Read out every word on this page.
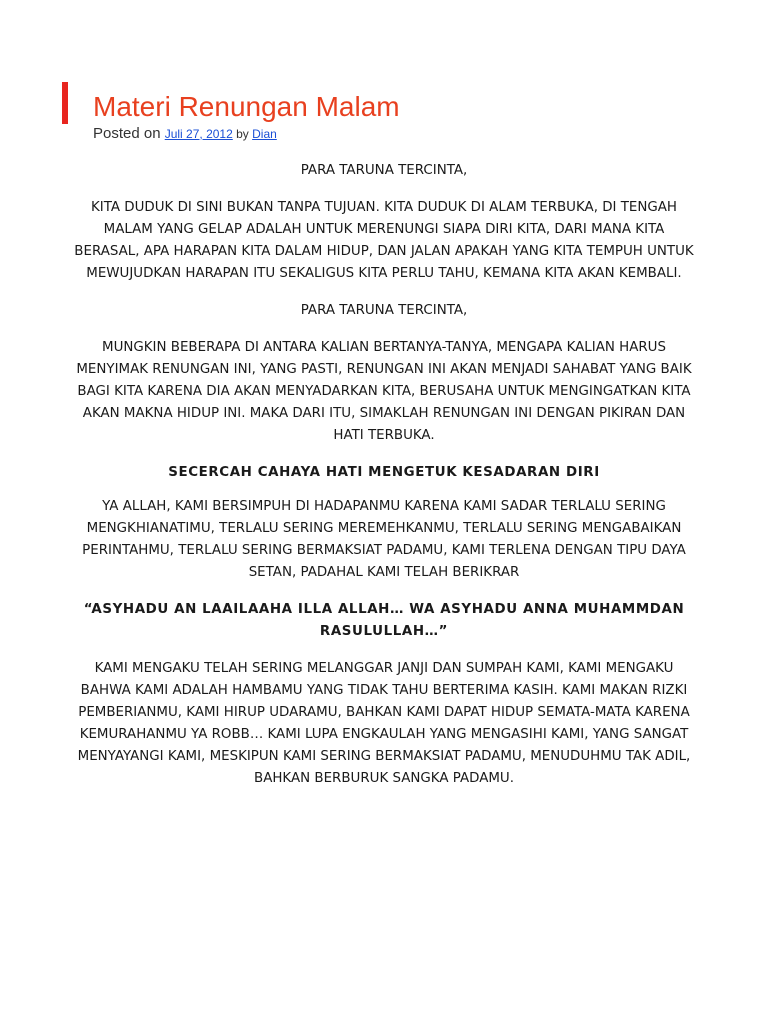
Materi Renungan Malam
Posted on Juli 27, 2012 by Dian

PARA TARUNA TERCINTA,

KITA DUDUK DI SINI BUKAN TANPA TUJUAN. KITA DUDUK DI ALAM TERBUKA, DI TENGAH MALAM YANG GELAP ADALAH UNTUK MERENUNGI SIAPA DIRI KITA, DARI MANA KITA BERASAL, APA HARAPAN KITA DALAM HIDUP, DAN JALAN APAKAH YANG KITA TEMPUH UNTUK MEWUJUDKAN HARAPAN ITU SEKALIGUS KITA PERLU TAHU, KEMANA KITA AKAN KEMBALI.

PARA TARUNA TERCINTA,

MUNGKIN BEBERAPA DI ANTARA KALIAN BERTANYA-TANYA, MENGAPA KALIAN HARUS MENYIMAK RENUNGAN INI, YANG PASTI, RENUNGAN INI AKAN MENJADI SAHABAT YANG BAIK BAGI KITA KARENA DIA AKAN MENYADARKAN KITA, BERUSAHA UNTUK MENGINGATKAN KITA AKAN MAKNA HIDUP INI. MAKA DARI ITU, SIMAKLAH RENUNGAN INI DENGAN PIKIRAN DAN HATI TERBUKA.

SECERCAH CAHAYA HATI MENGETUK KESADARAN DIRI

YA ALLAH, KAMI BERSIMPUH DI HADAPANMU KARENA KAMI SADAR TERLALU SERING MENGKHIANATIMU, TERLALU SERING MEREMEHKANMU, TERLALU SERING MENGABAIKAN PERINTAHMU, TERLALU SERING BERMAKSIAT PADAMU, KAMI TERLENA DENGAN TIPU DAYA SETAN, PADAHAL KAMI TELAH BERIKRAR

“ASYHADU AN LAAILAAHA ILLA ALLAH… WA ASYHADU ANNA MUHAMMDAN RASULULLAH…”

KAMI MENGAKU TELAH SERING MELANGGAR JANJI DAN SUMPAH KAMI, KAMI MENGAKU BAHWA KAMI ADALAH HAMBAMU YANG TIDAK TAHU BERTERIMA KASIH. KAMI MAKAN RIZKI PEMBERIANMU, KAMI HIRUP UDARAMU, BAHKAN KAMI DAPAT HIDUP SEMATA-MATA KARENA KEMURAHANMU YA ROBB… KAMI LUPA ENGKAULAH YANG MENGASIHI KAMI, YANG SANGAT MENYAYANGI KAMI, MESKIPUN KAMI SERING BERMAKSIAT PADAMU, MENUDUHMU TAK ADIL, BAHKAN BERBURUK SANGKA PADAMU.
